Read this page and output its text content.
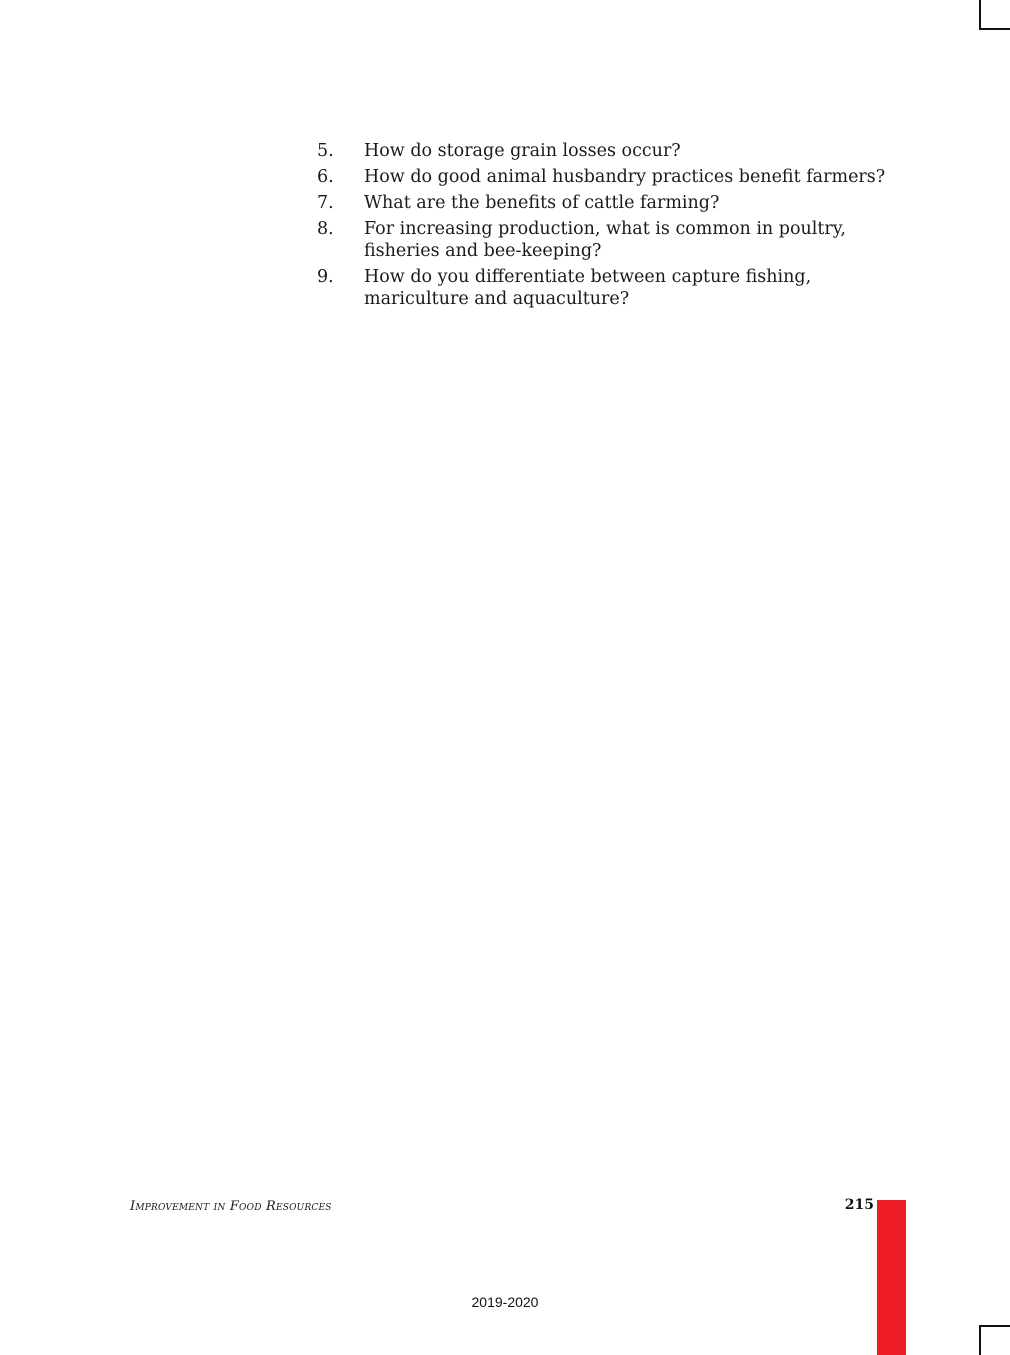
5.	How do storage grain losses occur?
6.	How do good animal husbandry practices benefit farmers?
7.	What are the benefits of cattle farming?
8.	For increasing production, what is common in poultry, fisheries and bee-keeping?
9.	How do you differentiate between capture fishing, mariculture and aquaculture?
Improvement in Food Resources	215
2019-2020
